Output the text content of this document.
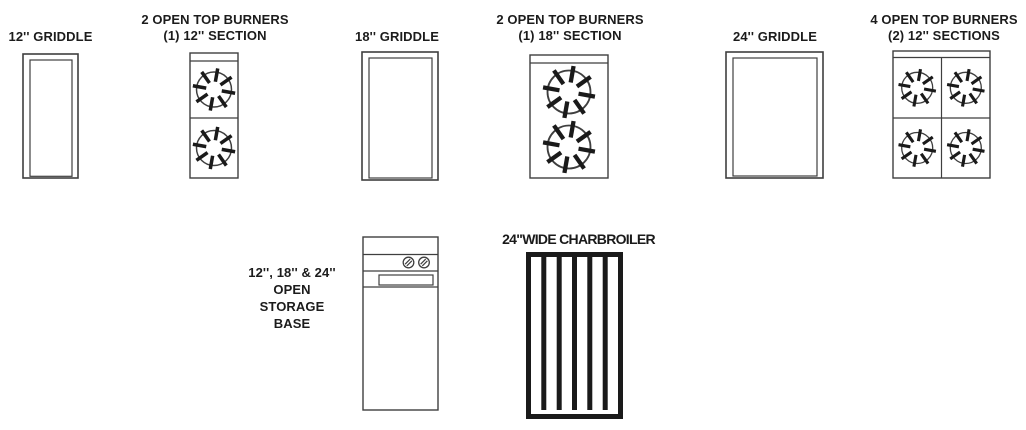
12'' GRIDDLE
2 OPEN TOP BURNERS
(1) 12'' SECTION	18'' GRIDDLE
2 OPEN TOP BURNERS
(1) 18'' SECTION	24'' GRIDDLE
4 OPEN TOP BURNERS
(2) 12'' SECTIONS
12'', 18'' & 24''
OPEN
STORAGE
BASE
24"WIDE CHARBROILER
